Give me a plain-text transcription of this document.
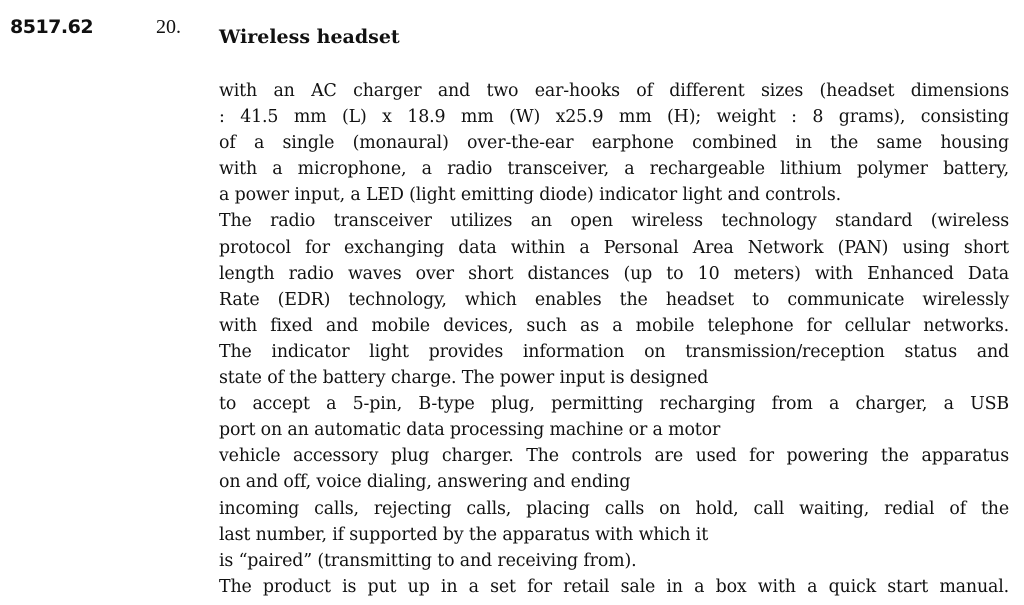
8517.62	20. Wireless headset
with an AC charger and two ear-hooks of different sizes (headset dimensions
: 41.5 mm (L) x 18.9 mm (W) x25.9 mm (H); weight : 8 grams), consisting
of a single (monaural) over-the-ear earphone combined in the same housing
with a microphone, a radio transceiver, a rechargeable lithium polymer battery,
a power input, a LED (light emitting diode) indicator light and controls.
The radio transceiver utilizes an open wireless technology standard (wireless
protocol for exchanging data within a Personal Area Network (PAN) using short
length radio waves over short distances (up to 10 meters) with Enhanced Data
Rate (EDR) technology, which enables the headset to communicate wirelessly
with fixed and mobile devices, such as a mobile telephone for cellular networks.
The indicator light provides information on transmission/reception status and
state of the battery charge. The power input is designed
to accept a 5-pin, B-type plug, permitting recharging from a charger, a USB
port on an automatic data processing machine or a motor
vehicle accessory plug charger. The controls are used for powering the apparatus
on and off, voice dialing, answering and ending
incoming calls, rejecting calls, placing calls on hold, call waiting, redial of the
last number, if supported by the apparatus with which it
is “paired” (transmitting to and receiving from).
The product is put up in a set for retail sale in a box with a quick start manual.
